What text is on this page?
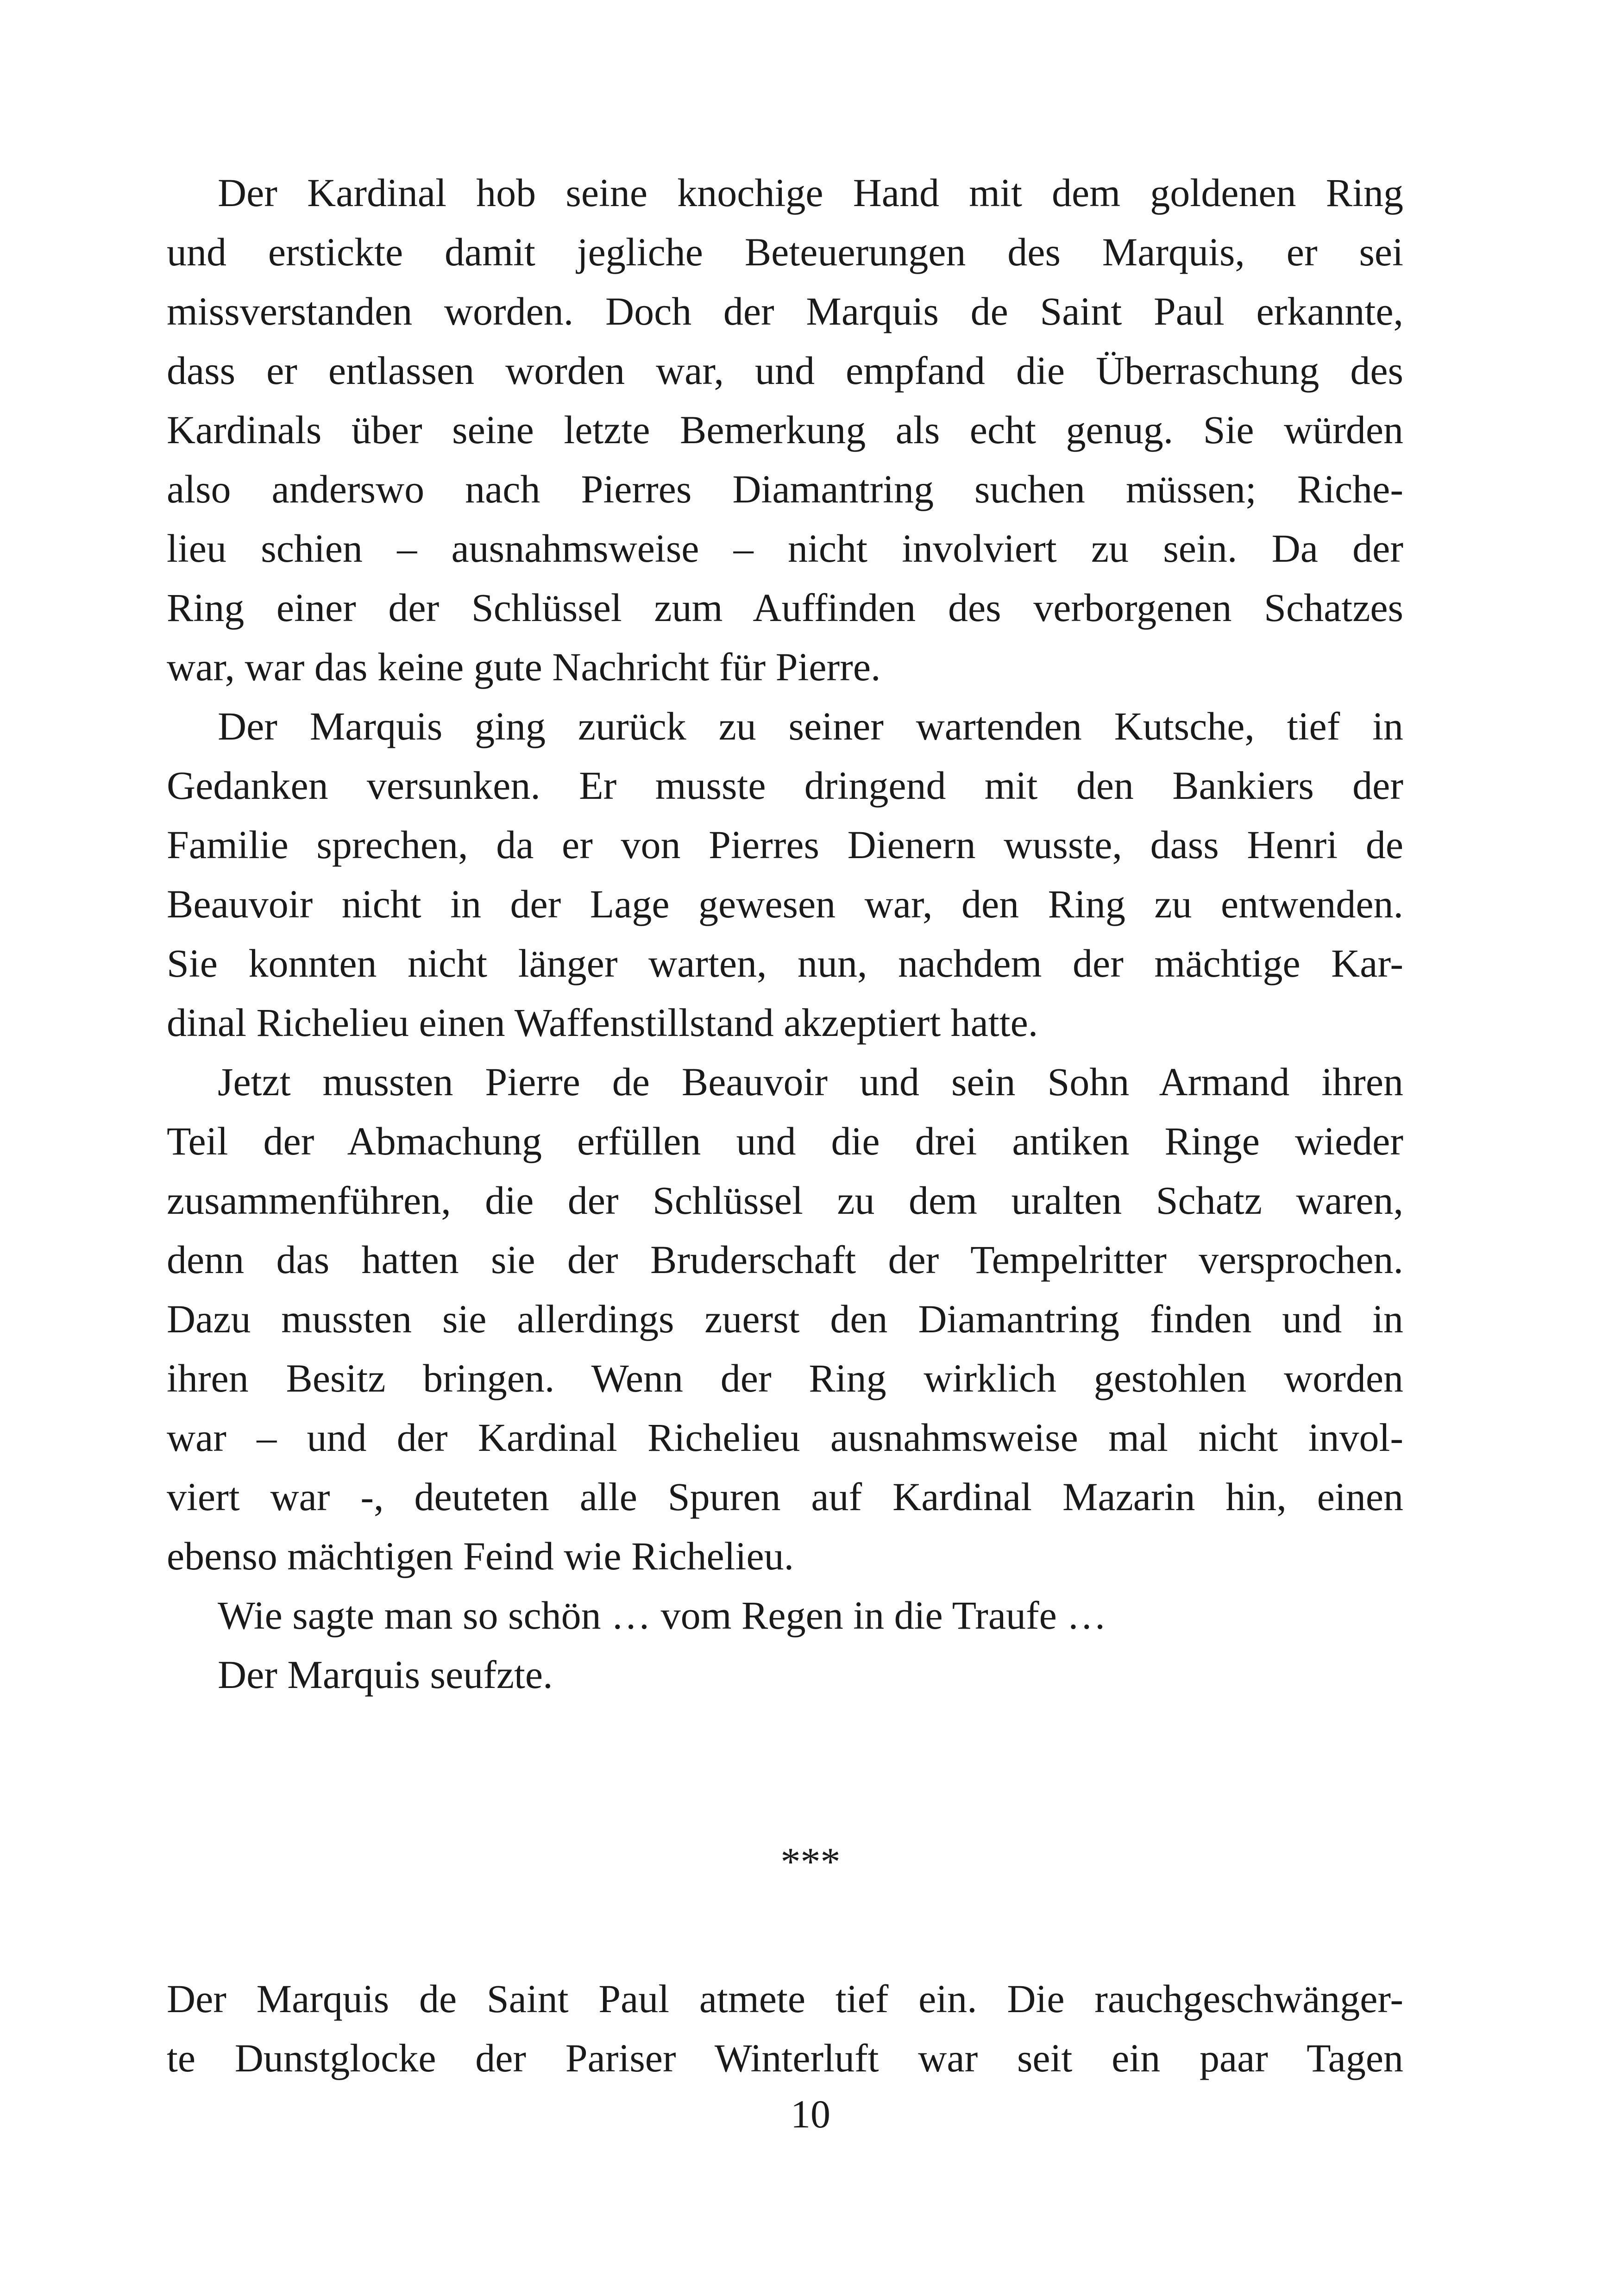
Der Kardinal hob seine knochige Hand mit dem goldenen Ring
und erstickte damit jegliche Beteuerungen des Marquis, er sei
missverstanden worden. Doch der Marquis de Saint Paul erkannte,
dass er entlassen worden war, und empfand die Überraschung des
Kardinals über seine letzte Bemerkung als echt genug. Sie würden
also anderswo nach Pierres Diamantring suchen müssen; Riche-
lieu schien – ausnahmsweise – nicht involviert zu sein. Da der
Ring einer der Schlüssel zum Auffinden des verborgenen Schatzes
war, war das keine gute Nachricht für Pierre.
Der Marquis ging zurück zu seiner wartenden Kutsche, tief in
Gedanken versunken. Er musste dringend mit den Bankiers der
Familie sprechen, da er von Pierres Dienern wusste, dass Henri de
Beauvoir nicht in der Lage gewesen war, den Ring zu entwenden.
Sie konnten nicht länger warten, nun, nachdem der mächtige Kar-
dinal Richelieu einen Waffenstillstand akzeptiert hatte.
Jetzt mussten Pierre de Beauvoir und sein Sohn Armand ihren
Teil der Abmachung erfüllen und die drei antiken Ringe wieder
zusammenführen, die der Schlüssel zu dem uralten Schatz waren,
denn das hatten sie der Bruderschaft der Tempelritter versprochen.
Dazu mussten sie allerdings zuerst den Diamantring finden und in
ihren Besitz bringen. Wenn der Ring wirklich gestohlen worden
war – und der Kardinal Richelieu ausnahmsweise mal nicht invol-
viert war -, deuteten alle Spuren auf Kardinal Mazarin hin, einen
ebenso mächtigen Feind wie Richelieu.
Wie sagte man so schön … vom Regen in die Traufe …
Der Marquis seufzte.
***
Der Marquis de Saint Paul atmete tief ein. Die rauchgeschwänger-
te Dunstglocke der Pariser Winterluft war seit ein paar Tagen
10
